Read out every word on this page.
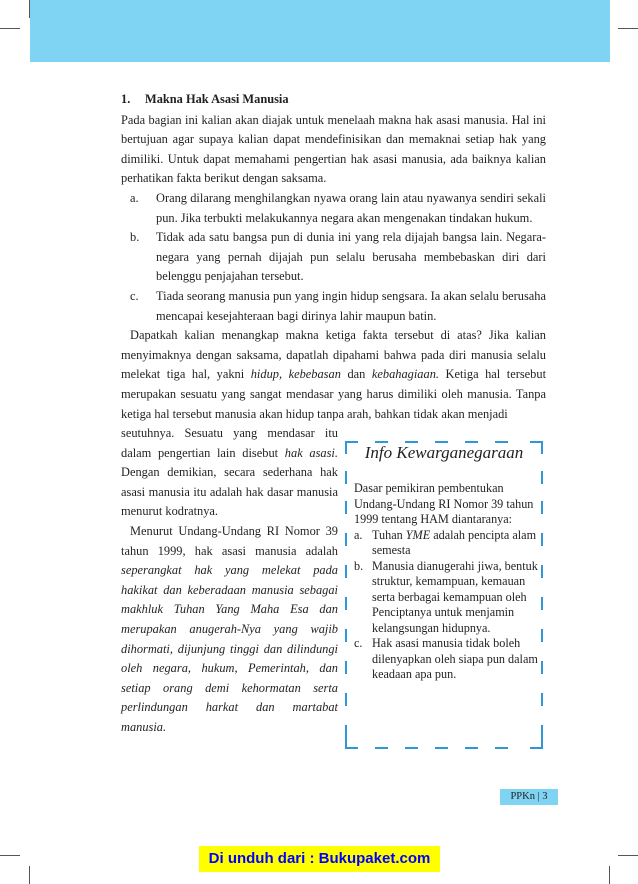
1. Makna Hak Asasi Manusia

Pada bagian ini kalian akan diajak untuk menelaah makna hak asasi manusia. Hal ini bertujuan agar supaya kalian dapat mendefinisikan dan memaknai setiap hak yang dimiliki. Untuk dapat memahami pengertian hak asasi manusia, ada baiknya kalian perhatikan fakta berikut dengan saksama.

a. Orang dilarang menghilangkan nyawa orang lain atau nyawanya sendiri sekali pun. Jika terbukti melakukannya negara akan mengenakan tindakan hukum.
b. Tidak ada satu bangsa pun di dunia ini yang rela dijajah bangsa lain. Negara-negara yang pernah dijajah pun selalu berusaha membebaskan diri dari belenggu penjajahan tersebut.
c. Tiada seorang manusia pun yang ingin hidup sengsara. Ia akan selalu berusaha mencapai kesejahteraan bagi dirinya lahir maupun batin.

Dapatkah kalian menangkap makna ketiga fakta tersebut di atas? Jika kalian menyimaknya dengan saksama, dapatlah dipahami bahwa pada diri manusia selalu melekat tiga hal, yakni hidup, kebebasan dan kebahagiaan. Ketiga hal tersebut merupakan sesuatu yang sangat mendasar yang harus dimiliki oleh manusia. Tanpa ketiga hal tersebut manusia akan hidup tanpa arah, bahkan tidak akan menjadi

seutuhnya. Sesuatu yang mendasar itu dalam pengertian lain disebut hak asasi. Dengan demikian, secara sederhana hak asasi manusia itu adalah hak dasar manusia menurut kodratnya.

Menurut Undang-Undang RI Nomor 39 tahun 1999, hak asasi manusia adalah seperangkat hak yang melekat pada hakikat dan keberadaan manusia sebagai makhluk Tuhan Yang Maha Esa dan merupakan anugerah-Nya yang wajib dihormati, dijunjung tinggi dan dilindungi oleh negara, hukum, Pemerintah, dan setiap orang demi kehormatan serta perlindungan harkat dan martabat manusia.

Info Kewarganegaraan

Dasar pemikiran pembentukan Undang-Undang RI Nomor 39 tahun 1999 tentang HAM diantaranya:

a. Tuhan YME adalah pencipta alam semesta
b. Manusia dianugerahi jiwa, bentuk struktur, kemampuan, kemauan serta berbagai kemampuan oleh Penciptanya untuk menjamin kelangsungan hidupnya.
c. Hak asasi manusia tidak boleh dilenyapkan oleh siapa pun dalam keadaan apa pun.
PPKn | 3
Di unduh dari : Bukupaket.com
